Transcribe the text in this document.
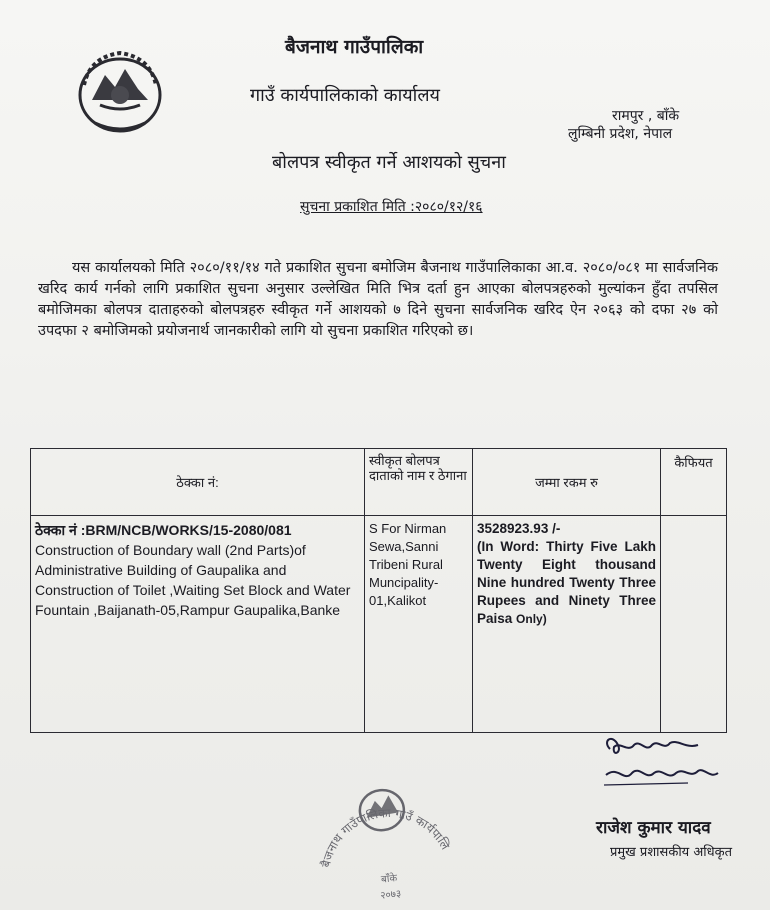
बैजनाथ गाउँपालिका
गाउँ कार्यपालिकाको कार्यालय
रामपुर , बाँके
लुम्बिनी प्रदेश, नेपाल
बोलपत्र स्वीकृत गर्ने आशयको सुचना
सुचना प्रकाशित मिति :२०८०/१२/१६
यस कार्यालयको मिति २०८०/११/१४ गते प्रकाशित सुचना बमोजिम बैजनाथ गाउँपालिकाका आ.व. २०८०/०८१ मा सार्वजनिक खरिद कार्य गर्नको लागि प्रकाशित सुचना अनुसार उल्लेखित मिति भित्र दर्ता हुन आएका बोलपत्रहरुको मुल्यांकन हुँदा तपसिल बमोजिमका बोलपत्र दाताहरुको बोलपत्रहरु स्वीकृत गर्ने आशयको ७ दिने सुचना सार्वजनिक खरिद ऐन २०६३ को दफा २७ को उपदफा २ बमोजिमको प्रयोजनार्थ जानकारीको लागि यो सुचना प्रकाशित गरिएको छ।
ठेक्का नं:	स्वीकृत बोलपत्र दाताको नाम र ठेगाना	जम्मा रकम रु	कैफियत
ठेक्का नं :BRM/NCB/WORKS/15-2080/081
Construction of Boundary wall (2nd Parts)of Administrative Building of Gaupalika and Construction of Toilet ,Waiting Set Block and Water Fountain ,Baijanath-05,Rampur Gaupalika,Banke	S For Nirman Sewa,Sanni Tribeni Rural Muncipality-01,Kalikot	3528923.93 /-
(In Word: Thirty Five Lakh Twenty Eight thousand Nine hundred Twenty Three Rupees and Ninety Three Paisa Only)	
राजेश कुमार यादव
प्रमुख प्रशासकीय अधिकृत
बैजनाथ गाउँपालिका गाउँ कार्यपालिकाको
बाँके
२०७३
